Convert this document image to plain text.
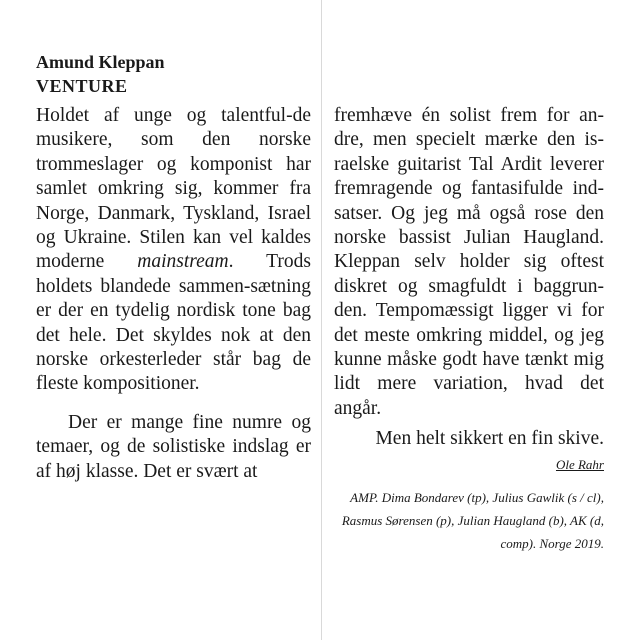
Amund Kleppan
VENTURE

Holdet af unge og talentful-de musikere, som den norske trommeslager og komponist har samlet omkring sig, kommer fra Norge, Danmark, Tyskland, Israel og Ukraine. Stilen kan vel kaldes moderne mainstream. Trods holdets blandede sammen-sætning er der en tydelig nordisk tone bag det hele. Det skyldes nok at den norske orkesterleder står bag de fleste kompositioner.

Der er mange fine numre og temaer, og de solistiske indslag er af høj klasse. Det er svært at

fremhæve én solist frem for an-dre, men specielt mærke den is-raelske guitarist Tal Ardit leverer fremragende og fantasifulde ind-satser. Og jeg må også rose den norske bassist Julian Haugland. Kleppan selv holder sig oftest diskret og smagfuldt i baggrun-den. Tempomæssigt ligger vi for det meste omkring middel, og jeg kunne måske godt have tænkt mig lidt mere variation, hvad det angår.

Men helt sikkert en fin skive.

Ole Rahr

AMP. Dima Bondarev (tp), Julius Gawlik (s / cl), Rasmus Sørensen (p), Julian Haugland (b), AK (d, comp). Norge 2019.
